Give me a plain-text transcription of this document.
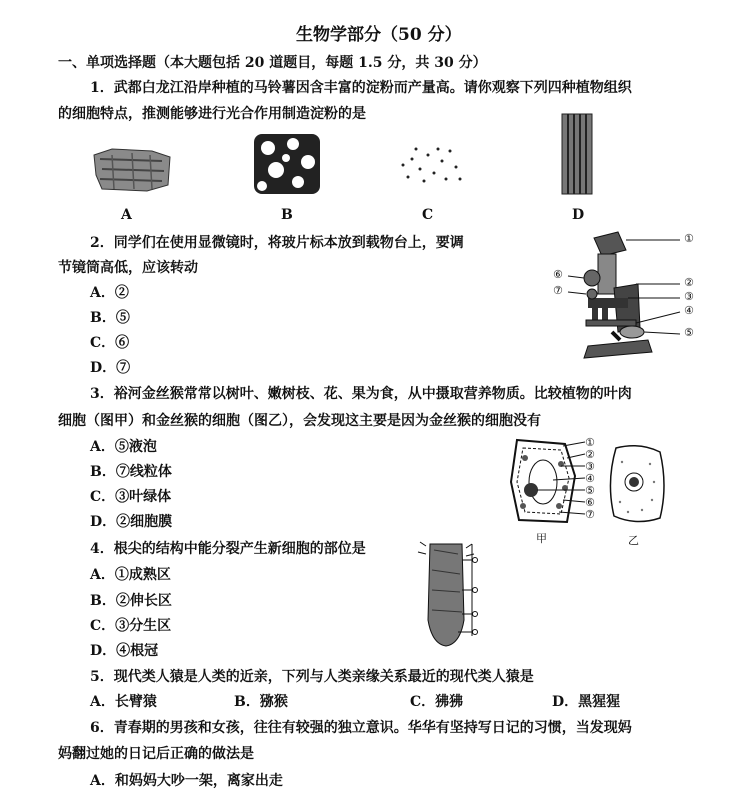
生物学部分（50 分）
一、单项选择题（本大题包括 20 道题目，每题 1.5 分，共 30 分）
1．武都白龙江沿岸种植的马铃薯因含丰富的淀粉而产量高。请你观察下列四种植物组织
的细胞特点，推测能够进行光合作用制造淀粉的是
A	B	C	D
2．同学们在使用显微镜时，将玻片标本放到载物台上，要调
节镜筒高低，应该转动
A．②
B．⑤
C．⑥
D．⑦
①
②
③
④
⑤
⑥
⑦
3．裕河金丝猴常常以树叶、嫩树枝、花、果为食，从中摄取营养物质。比较植物的叶肉
细胞（图甲）和金丝猴的细胞（图乙），会发现这主要是因为金丝猴的细胞没有
A．⑤液泡
B．⑦线粒体
C．③叶绿体
D．②细胞膜
①
②
③
④
⑤
⑥
⑦
甲	乙
4．根尖的结构中能分裂产生新细胞的部位是
A．①成熟区
B．②伸长区
C．③分生区
D．④根冠
5．现代类人猿是人类的近亲，下列与人类亲缘关系最近的现代类人猿是
A．长臂猿	B．猕猴	C．狒狒	D．黑猩猩
6．青春期的男孩和女孩，往往有较强的独立意识。华华有坚持写日记的习惯，当发现妈
妈翻过她的日记后正确的做法是
A．和妈妈大吵一架，离家出走
